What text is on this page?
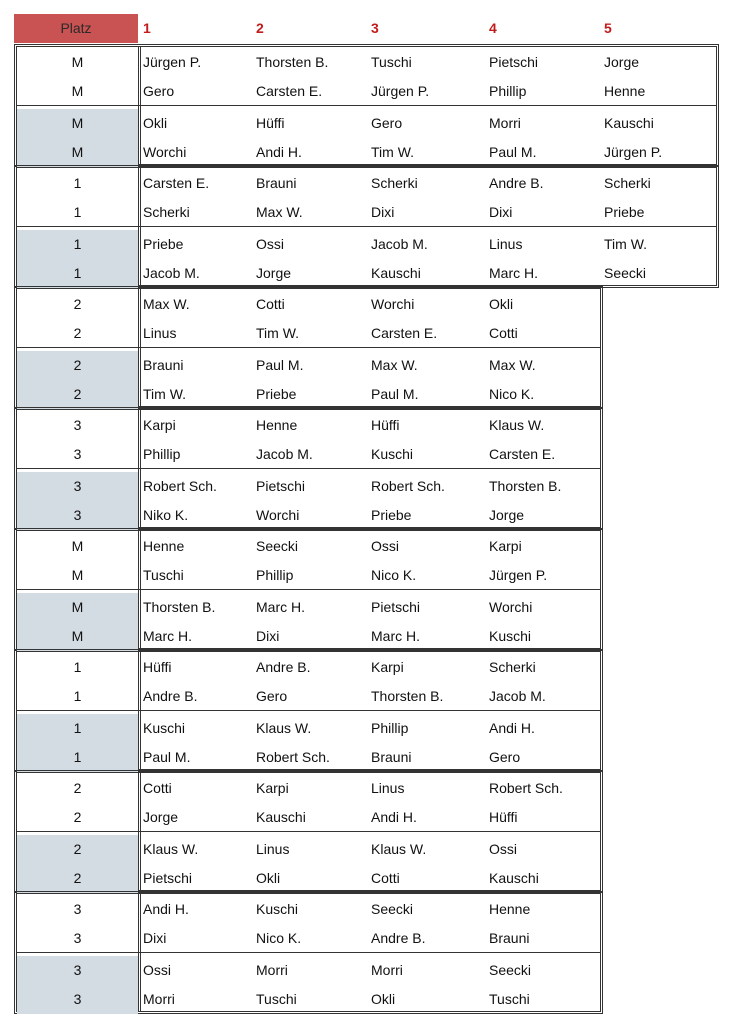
Platz	1	2	3	4	5
M	Jürgen P.	Thorsten B.	Tuschi	Pietschi	Jorge
M	Gero	Carsten E.	Jürgen P.	Phillip	Henne
M	Okli	Hüffi	Gero	Morri	Kauschi
M	Worchi	Andi H.	Tim W.	Paul M.	Jürgen P.
1	Carsten E.	Brauni	Scherki	Andre B.	Scherki
1	Scherki	Max W.	Dixi	Dixi	Priebe
1	Priebe	Ossi	Jacob M.	Linus	Tim W.
1	Jacob M.	Jorge	Kauschi	Marc H.	Seecki
2	Max W.	Cotti	Worchi	Okli
2	Linus	Tim W.	Carsten E.	Cotti
2	Brauni	Paul M.	Max W.	Max W.
2	Tim W.	Priebe	Paul M.	Nico K.
3	Karpi	Henne	Hüffi	Klaus W.
3	Phillip	Jacob M.	Kuschi	Carsten E.
3	Robert Sch.	Pietschi	Robert Sch.	Thorsten B.
3	Niko K.	Worchi	Priebe	Jorge
M	Henne	Seecki	Ossi	Karpi
M	Tuschi	Phillip	Nico K.	Jürgen P.
M	Thorsten B.	Marc H.	Pietschi	Worchi
M	Marc H.	Dixi	Marc H.	Kuschi
1	Hüffi	Andre B.	Karpi	Scherki
1	Andre B.	Gero	Thorsten B.	Jacob M.
1	Kuschi	Klaus W.	Phillip	Andi H.
1	Paul M.	Robert Sch.	Brauni	Gero
2	Cotti	Karpi	Linus	Robert Sch.
2	Jorge	Kauschi	Andi H.	Hüffi
2	Klaus W.	Linus	Klaus W.	Ossi
2	Pietschi	Okli	Cotti	Kauschi
3	Andi H.	Kuschi	Seecki	Henne
3	Dixi	Nico K.	Andre B.	Brauni
3	Ossi	Morri	Morri	Seecki
3	Morri	Tuschi	Okli	Tuschi
